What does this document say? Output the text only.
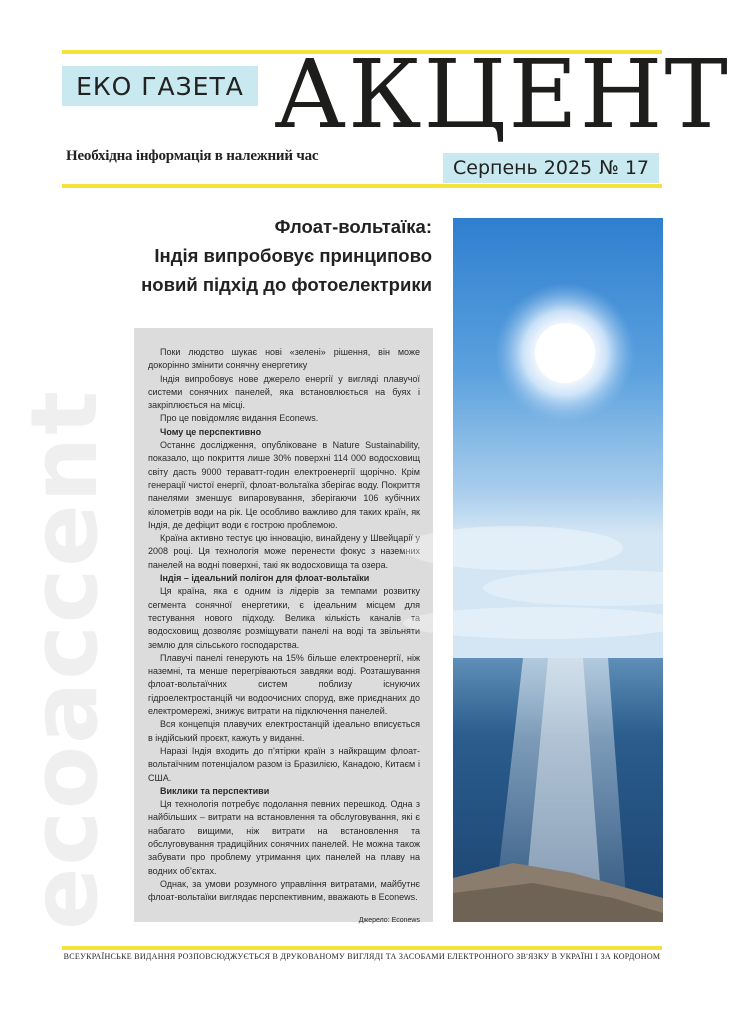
ЕКО ГАЗЕТА АКЦЕНТ
Необхідна інформація в належний час
Серпень 2025 № 17
ecoaccent
Флоат-вольтаїка:
Індія випробовує принципово
новий підхід до фотоелектрики

Поки людство шукає нові «зелені» рішення, він може докорінно змінити сонячну енергетику

Індія випробовує нове джерело енергії у вигляді плавучої системи сонячних панелей, яка встановлюється на буях і закріплюється на місці.

Про це повідомляє видання Econews.

Чому це перспективно

Останнє дослідження, опубліковане в Nature Sustainability, показало, що покриття лише 30% поверхні 114 000 водосховищ світу дасть 9000 тераватт-годин електроенергії щорічно. Крім генерації чистої енергії, флоат-вольтаїка зберігає воду. Покриття панелями зменшує випаровування, зберігаючи 106 кубічних кілометрів води на рік. Це особливо важливо для таких країн, як Індія, де дефіцит води є гострою проблемою.

Країна активно тестує цю інновацію, винайдену у Швейцарії у 2008 році. Ця технологія може перенести фокус з наземних панелей на водні поверхні, такі як водосховища та озера.

Індія – ідеальний полігон для флоат-вольтаїки

Ця країна, яка є одним із лідерів за темпами розвитку сегмента сонячної енергетики, є ідеальним місцем для тестування нового підходу. Велика кількість каналів та водосховищ дозволяє розміщувати панелі на воді та звільняти землю для сільського господарства.

Плавучі панелі генерують на 15% більше електроенергії, ніж наземні, та менше перегріваються завдяки воді. Розташування флоат-вольтаїчних систем поблизу існуючих гідроелектростанцій чи водоочисних споруд, вже приєднаних до електромережі, знижує витрати на підключення панелей.

Вся концепція плавучих електростанцій ідеально вписується в індійський проєкт, кажуть у виданні.

Наразі Індія входить до п’ятірки країн з найкращим флоат-вольтаїчним потенціалом разом із Бразилією, Канадою, Китаєм і США.

Виклики та перспективи

Ця технологія потребує подолання певних перешкод. Одна з найбільших – витрати на встановлення та обслуговування, які є набагато вищими, ніж витрати на встановлення та обслуговування традиційних сонячних панелей. Не можна також забувати про проблему утримання цих панелей на плаву на водних об’єктах.

Однак, за умови розумного управління витратами, майбутнє флоат-вольтаїки виглядає перспективним, вважають в Econews.

Джерело: Econews

ВСЕУКРАЇНСЬКЕ ВИДАННЯ РОЗПОВСЮДЖУЄТЬСЯ В ДРУКОВАНОМУ ВИГЛЯДІ ТА ЗАСОБАМИ ЕЛЕКТРОННОГО ЗВ'ЯЗКУ В УКРАЇНІ І ЗА КОРДОНОМ
